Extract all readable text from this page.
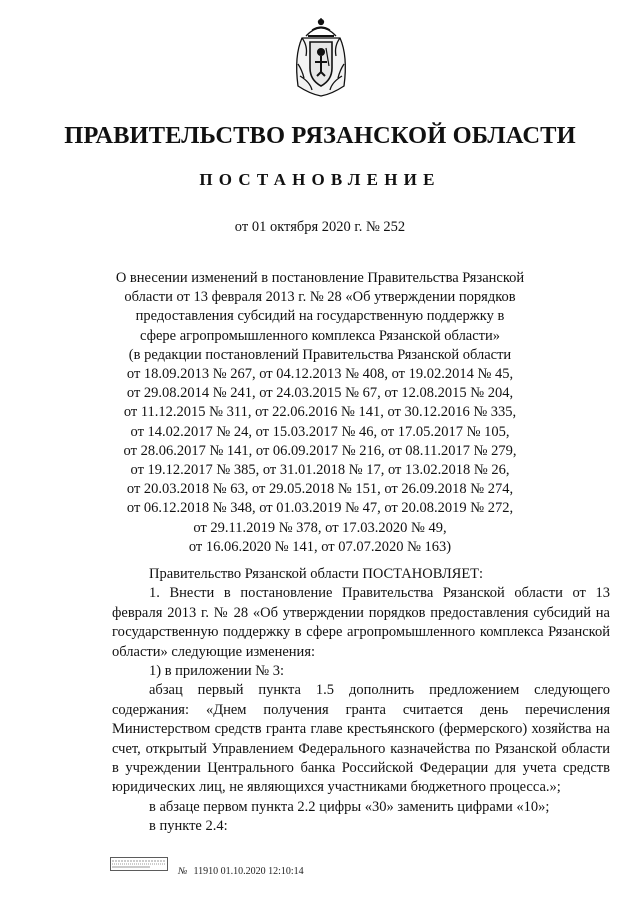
ПРАВИТЕЛЬСТВО РЯЗАНСКОЙ ОБЛАСТИ
ПОСТАНОВЛЕНИЕ
от 01 октября 2020 г. № 252
О внесении изменений в постановление Правительства Рязанской
области от 13 февраля 2013 г. № 28 «Об утверждении порядков
предоставления субсидий на государственную поддержку в
сфере агропромышленного комплекса Рязанской области»
(в редакции постановлений Правительства Рязанской области
от 18.09.2013 № 267, от 04.12.2013 № 408, от 19.02.2014 № 45,
от 29.08.2014 № 241, от 24.03.2015 № 67, от 12.08.2015 № 204,
от 11.12.2015 № 311, от 22.06.2016 № 141, от 30.12.2016 № 335,
от 14.02.2017 № 24, от 15.03.2017 № 46, от 17.05.2017 № 105,
от 28.06.2017 № 141, от 06.09.2017 № 216, от 08.11.2017 № 279,
от 19.12.2017 № 385, от 31.01.2018 № 17, от 13.02.2018 № 26,
от 20.03.2018 № 63, от 29.05.2018 № 151, от 26.09.2018 № 274,
от 06.12.2018 № 348, от 01.03.2019 № 47, от 20.08.2019 № 272,
от 29.11.2019 № 378, от 17.03.2020 № 49,
от 16.06.2020 № 141, от 07.07.2020 № 163)
Правительство Рязанской области ПОСТАНОВЛЯЕТ:
1. Внести в постановление Правительства Рязанской области от 13 февраля 2013 г. № 28 «Об утверждении порядков предоставления субсидий на государственную поддержку в сфере агропромышленного комплекса Рязанской области» следующие изменения:
1) в приложении № 3:
абзац первый пункта 1.5 дополнить предложением следующего содержания: «Днем получения гранта считается день перечисления Министерством средств гранта главе крестьянского (фермерского) хозяйства на счет, открытый Управлением Федерального казначейства по Рязанской области в учреждении Центрального банка Российской Федерации для учета средств юридических лиц, не являющихся участниками бюджетного процесса.»;
в абзаце первом пункта 2.2 цифры «30» заменить цифрами «10»;
в пункте 2.4:
№ 11910 01.10.2020 12:10:14
